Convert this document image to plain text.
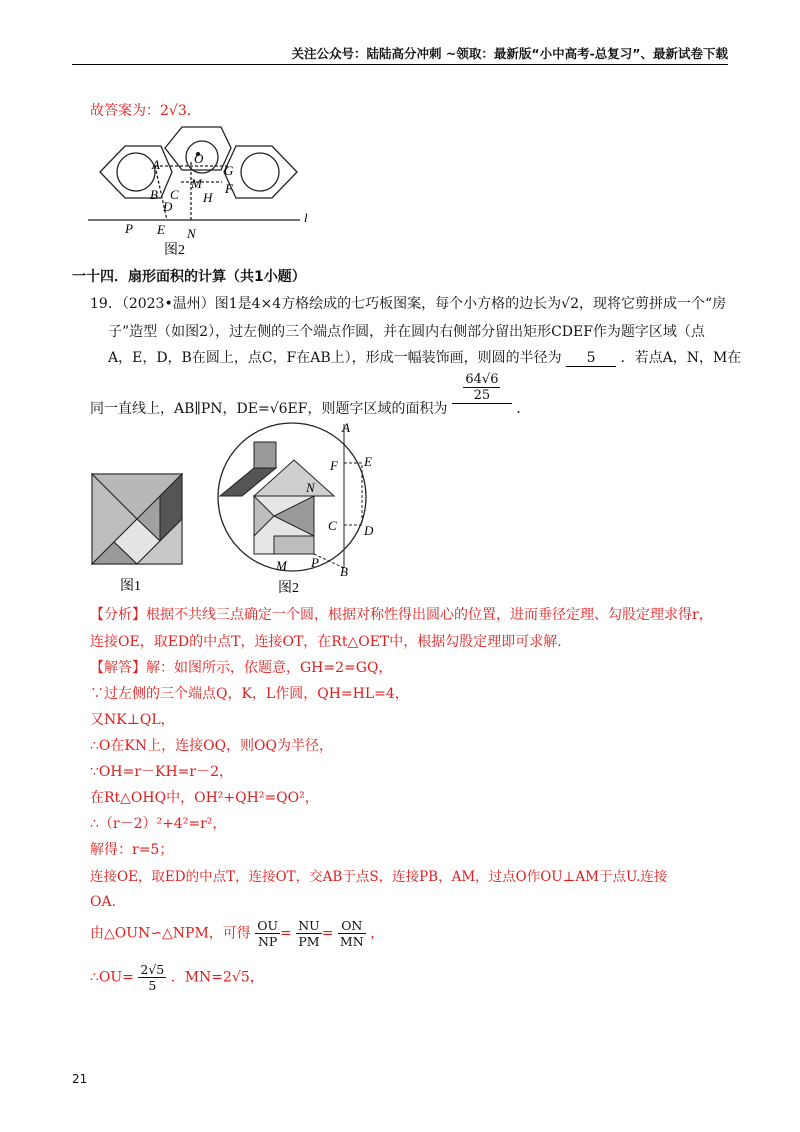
关注公众号：陆陆高分冲刺 ~领取：最新版“小中高考-总复习”、最新试卷下载
故答案为：2√3．
A	O
G
M
B C	F
D
H
E N
P
l
图2
一十四．扇形面积的计算（共1小题）
19．（2023•温州）图1是4×4方格绘成的七巧板图案，每个小方格的边长为√2，现将它剪拼成一个“房
子”造型（如图2），过左侧的三个端点作圆，并在圆内右侧部分留出矩形CDEF作为题字区域（点
A，E，D，B在圆上，点C，F在AB上），形成一幅装饰画，则圆的半径为 5 ．若点A，N，M在
同一直线上，AB∥PN，DE=√6EF，则题字区域的面积为
$\frac{64√6}{25}$
．
图1
A
E
F
N
C D
M P
B
图2
【分析】根据不共线三点确定一个圆，根据对称性得出圆心的位置，进而垂径定理、勾股定理求得r，
连接OE，取ED的中点T，连接OT，在Rt△OET中，根据勾股定理即可求解．
【解答】解：如图所示，依题意，GH=2=GQ，
∵过左侧的三个端点Q，K，L作圆，QH=HL=4，
又NK⊥QL，
∴O在KN上，连接OQ，则OQ为半径，
∵OH=r－KH=r－2，
在Rt△OHQ中，OH²+QH²=QO²，
∴（r－2）²+4²=r²，
解得：r=5；
连接OE，取ED的中点T，连接OT，交AB于点S，连接PB，AM，过点O作OU⊥AM于点U.连接
OA．
由△OUN∽△NPM，可得 $\frac{OU}{NP} = \frac{NU}{PM} = \frac{ON}{MN}$ ，
∴OU= $\frac{2√5}{5}$ ．MN=2√5，
21
